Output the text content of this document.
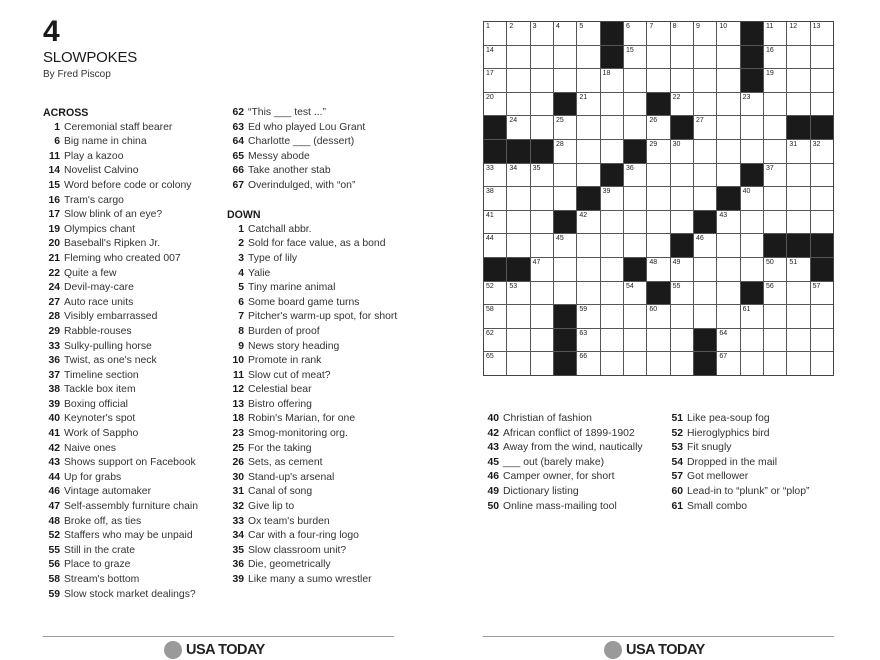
4
SLOWPOKES
By Fred Piscop
ACROSS
1 Ceremonial staff bearer
6 Big name in china
11 Play a kazoo
14 Novelist Calvino
15 Word before code or colony
16 Tram's cargo
17 Slow blink of an eye?
19 Olympics chant
20 Baseball's Ripken Jr.
21 Fleming who created 007
22 Quite a few
24 Devil-may-care
27 Auto race units
28 Visibly embarrassed
29 Rabble-rouses
33 Sulky-pulling horse
36 Twist, as one's neck
37 Timeline section
38 Tackle box item
39 Boxing official
40 Keynoter's spot
41 Work of Sappho
42 Naive ones
43 Shows support on Facebook
44 Up for grabs
46 Vintage automaker
47 Self-assembly furniture chain
48 Broke off, as ties
52 Staffers who may be unpaid
55 Still in the crate
56 Place to graze
58 Stream's bottom
59 Slow stock market dealings?
62 “This ___ test ...”
63 Ed who played Lou Grant
64 Charlotte ___ (dessert)
65 Messy abode
66 Take another stab
67 Overindulged, with “on”
DOWN
1 Catchall abbr.
2 Sold for face value, as a bond
3 Type of lily
4 Yalie
5 Tiny marine animal
6 Some board game turns
7 Pitcher's warm-up spot, for short
8 Burden of proof
9 News story heading
10 Promote in rank
11 Slow cut of meat?
12 Celestial bear
13 Bistro offering
18 Robin's Marian, for one
23 Smog-monitoring org.
25 For the taking
26 Sets, as cement
30 Stand-up's arsenal
31 Canal of song
32 Give lip to
33 Ox team's burden
34 Car with a four-ring logo
35 Slow classroom unit?
36 Die, geometrically
39 Like many a sumo wrestler
40 Christian of fashion
42 African conflict of 1899-1902
43 Away from the wind, nautically
45 ___ out (barely make)
46 Camper owner, for short
49 Dictionary listing
50 Online mass-mailing tool
51 Like pea-soup fog
52 Hieroglyphics bird
53 Fit snugly
54 Dropped in the mail
57 Got mellower
60 Lead-in to “plunk” or “plop”
61 Small combo
1	2	3	4	5	6	7	8	9	10	11 12 13
14	15	16
17	18	19
20	21	22	23
24	25	26	27
28	29 30	31 32
33 34 35	36	37
38	39	40
41	42	43
44	45	46
47	48 49	50 51
52 53	54	55	56	57
58	59	60	61
62	63	64
65	66	67
USA TODAY	USA TODAY
